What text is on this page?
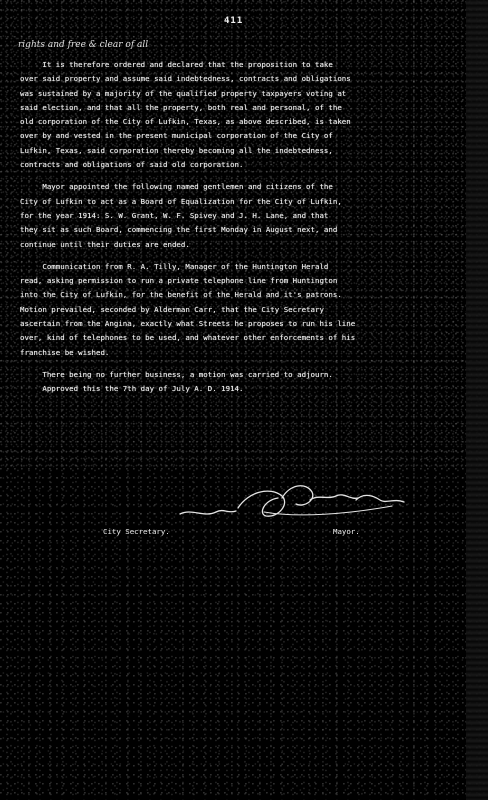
411
rights and free & clear of all
It is therefore ordered and declared that the proposition to take
over said property and assume said indebtedness, contracts and obligations
was sustained by a majority of the qualified property taxpayers voting at
said election, and that all the property, both real and personal, of the
old corporation of the City of Lufkin, Texas, as above described, is taken
over by and vested in the present municipal corporation of the City of
Lufkin, Texas, said corporation thereby becoming all the indebtedness,
contracts and obligations of said old corporation.
Mayor appointed the following named gentlemen and citizens of the
City of Lufkin to act as a Board of Equalization for the City of Lufkin,
for the year 1914: S. W. Grant, W. F. Spivey and J. H. Lane, and that
they sit as such Board, commencing the first Monday in August next, and
continue until their duties are ended.
Communication from R. A. Tilly, Manager of the Huntington Herald
read, asking permission to run a private telephone line from Huntington
into the City of Lufkin, for the benefit of the Herald and it's patrons.
Motion prevailed, seconded by Alderman Carr, that the City Secretary
ascertain from the Angina, exactly what Streets he proposes to run his line
over, kind of telephones to be used, and whatever other enforcements of his
franchise be wished.
There being no further business, a motion was carried to adjourn.
Approved this the 7th day of July A. D. 1914.
City Secretary.	Mayor.
